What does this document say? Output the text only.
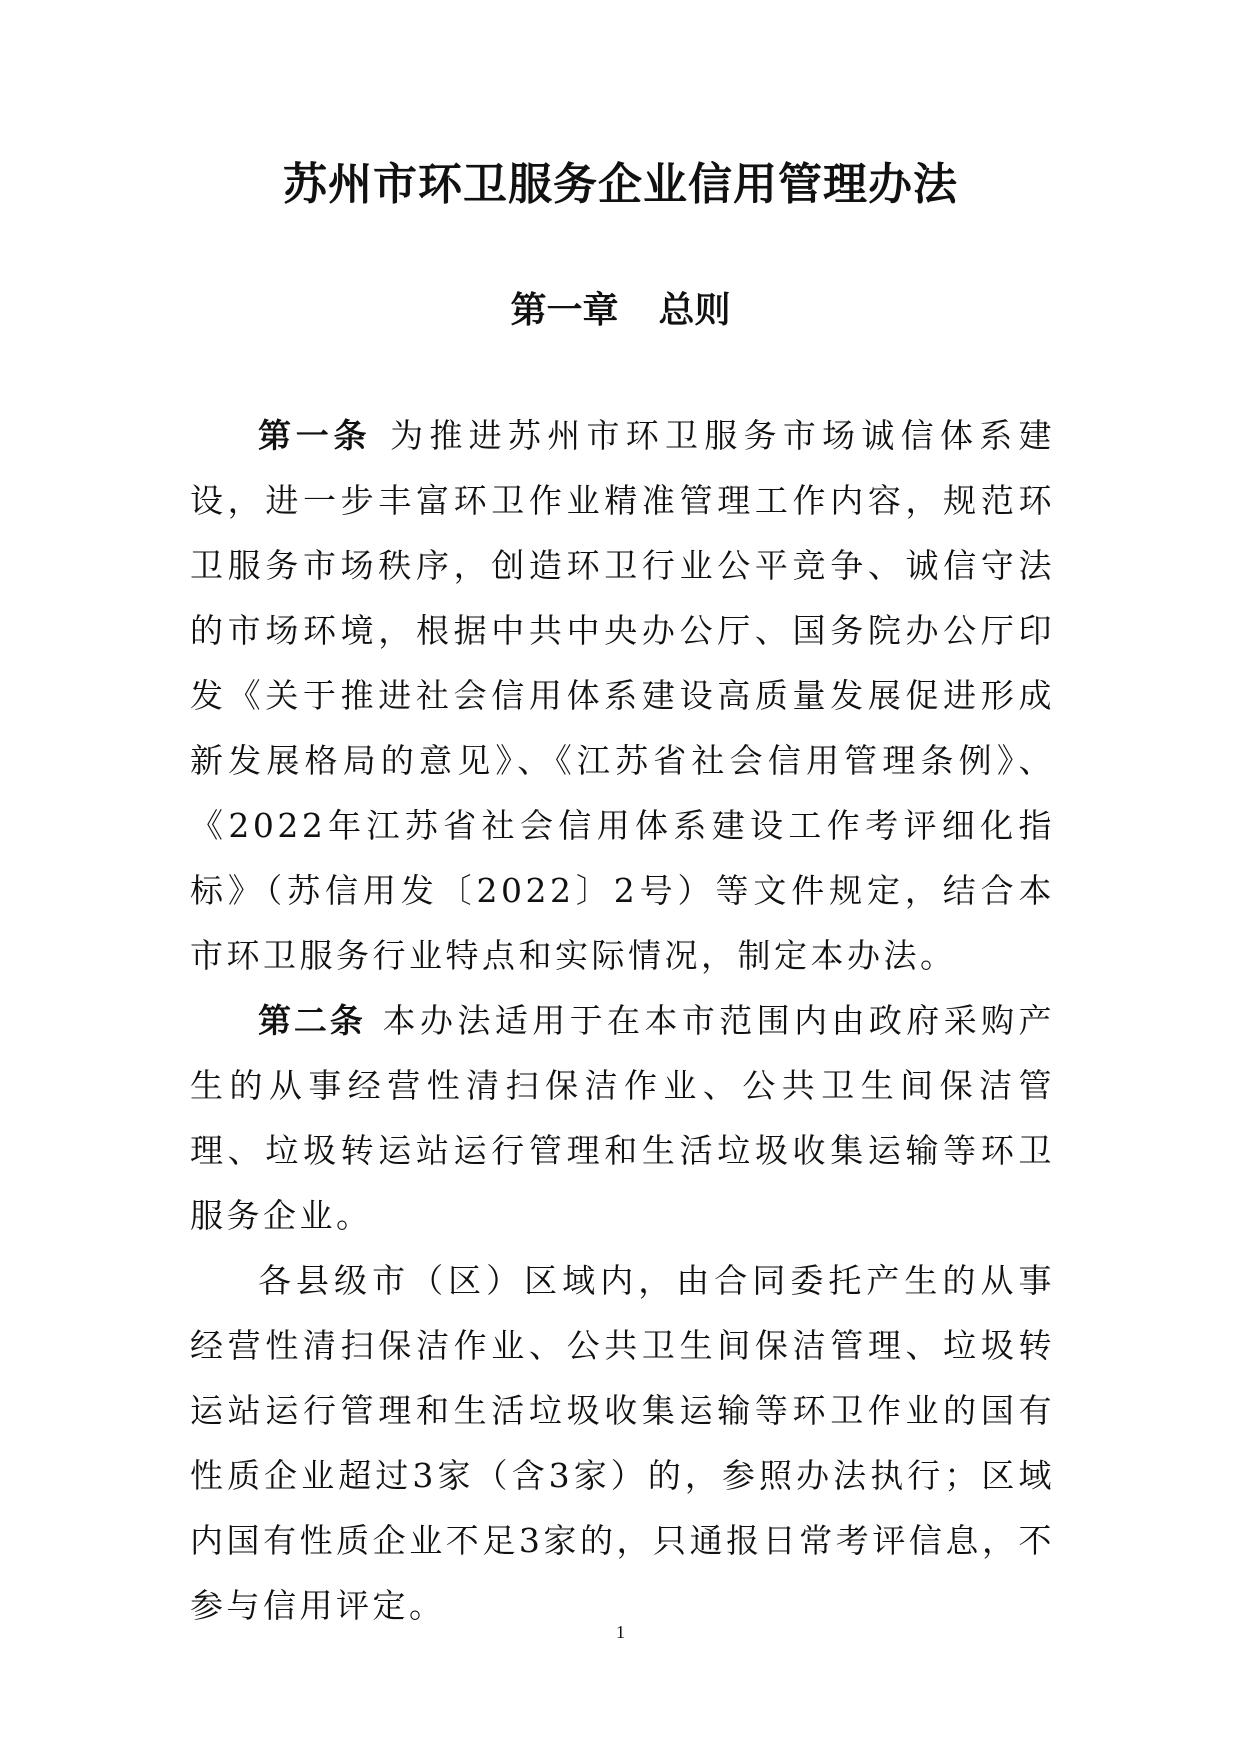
苏州市环卫服务企业信用管理办法
第一章 总则

第一条 为推进苏州市环卫服务市场诚信体系建设，进一步丰富环卫作业精准管理工作内容，规范环卫服务市场秩序，创造环卫行业公平竞争、诚信守法的市场环境，根据中共中央办公厅、国务院办公厅印发《关于推进社会信用体系建设高质量发展促进形成新发展格局的意见》、《江苏省社会信用管理条例》、《2022年江苏省社会信用体系建设工作考评细化指标》（苏信用发〔2022〕2号）等文件规定，结合本市环卫服务行业特点和实际情况，制定本办法。

第二条 本办法适用于在本市范围内由政府采购产生的从事经营性清扫保洁作业、公共卫生间保洁管理、垃圾转运站运行管理和生活垃圾收集运输等环卫服务企业。

各县级市（区）区域内，由合同委托产生的从事经营性清扫保洁作业、公共卫生间保洁管理、垃圾转运站运行管理和生活垃圾收集运输等环卫作业的国有性质企业超过3家（含3家）的，参照办法执行；区域内国有性质企业不足3家的，只通报日常考评信息，不参与信用评定。

1
